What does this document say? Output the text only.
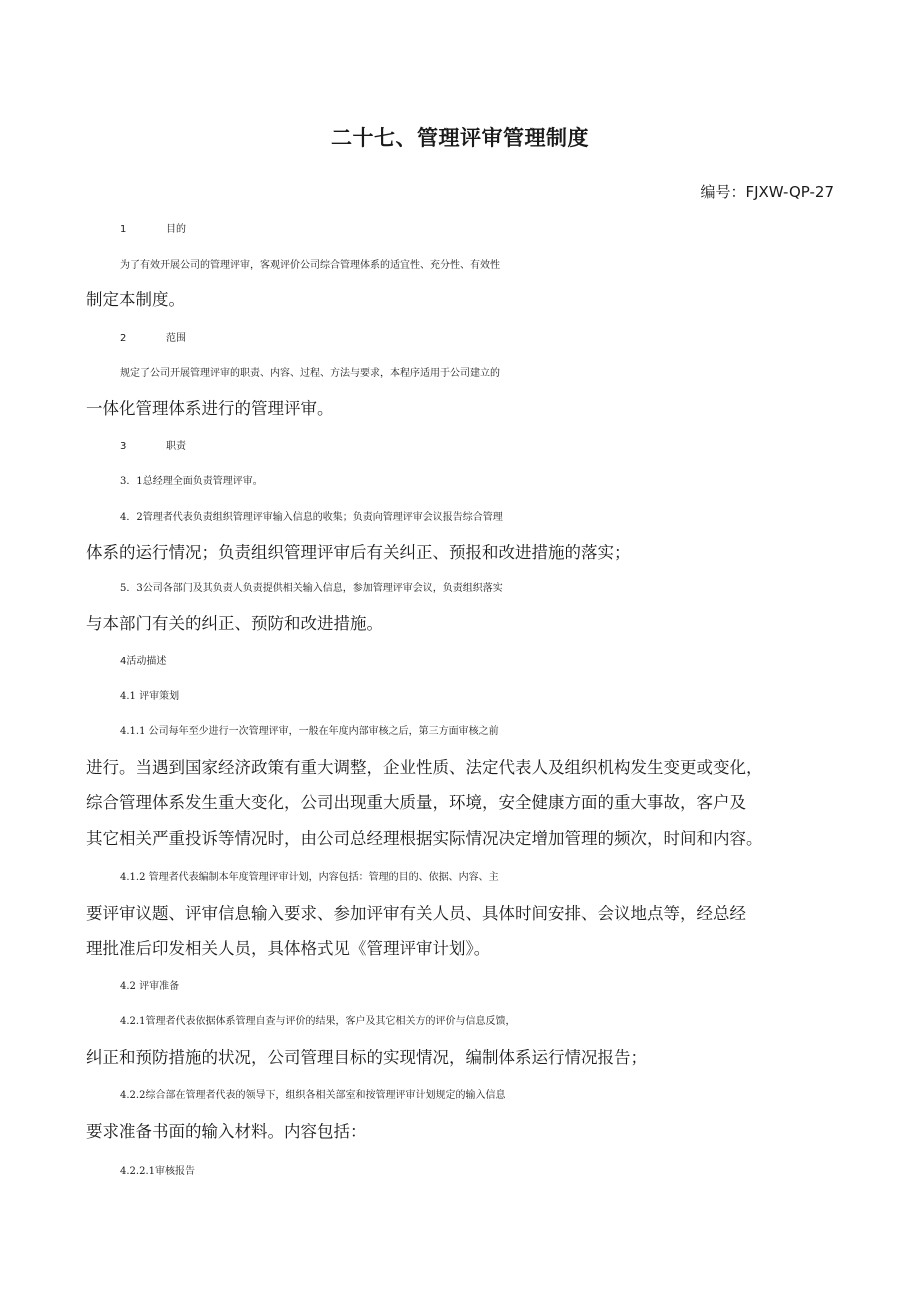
二十七、管理评审管理制度
编号：FJXW-QP-27
1	目的
为了有效开展公司的管理评审，客观评价公司综合管理体系的适宜性、充分性、有效性
制定本制度。
2	范围
规定了公司开展管理评审的职责、内容、过程、方法与要求，本程序适用于公司建立的
一体化管理体系进行的管理评审。
3	职责
3．1总经理全面负责管理评审。
4．2管理者代表负责组织管理评审输入信息的收集；负责向管理评审会议报告综合管理
体系的运行情况；负责组织管理评审后有关纠正、预报和改进措施的落实；
5．3公司各部门及其负责人负责提供相关输入信息，参加管理评审会议，负责组织落实
与本部门有关的纠正、预防和改进措施。
4活动描述
4.1 评审策划
4.1.1 公司每年至少进行一次管理评审，一般在年度内部审核之后，第三方面审核之前
进行。当遇到国家经济政策有重大调整，企业性质、法定代表人及组织机构发生变更或变化，
综合管理体系发生重大变化，公司出现重大质量，环境，安全健康方面的重大事故，客户及
其它相关严重投诉等情况时，由公司总经理根据实际情况决定增加管理的频次，时间和内容。
4.1.2 管理者代表编制本年度管理评审计划，内容包括：管理的目的、依据、内容、主
要评审议题、评审信息输入要求、参加评审有关人员、具体时间安排、会议地点等，经总经
理批准后印发相关人员，具体格式见《管理评审计划》。
4.2 评审准备
4.2.1管理者代表依据体系管理自查与评价的结果，客户及其它相关方的评价与信息反馈，
纠正和预防措施的状况，公司管理目标的实现情况，编制体系运行情况报告；
4.2.2综合部在管理者代表的领导下，组织各相关部室和按管理评审计划规定的输入信息
要求准备书面的输入材料。内容包括：
4.2.2.1审核报告
